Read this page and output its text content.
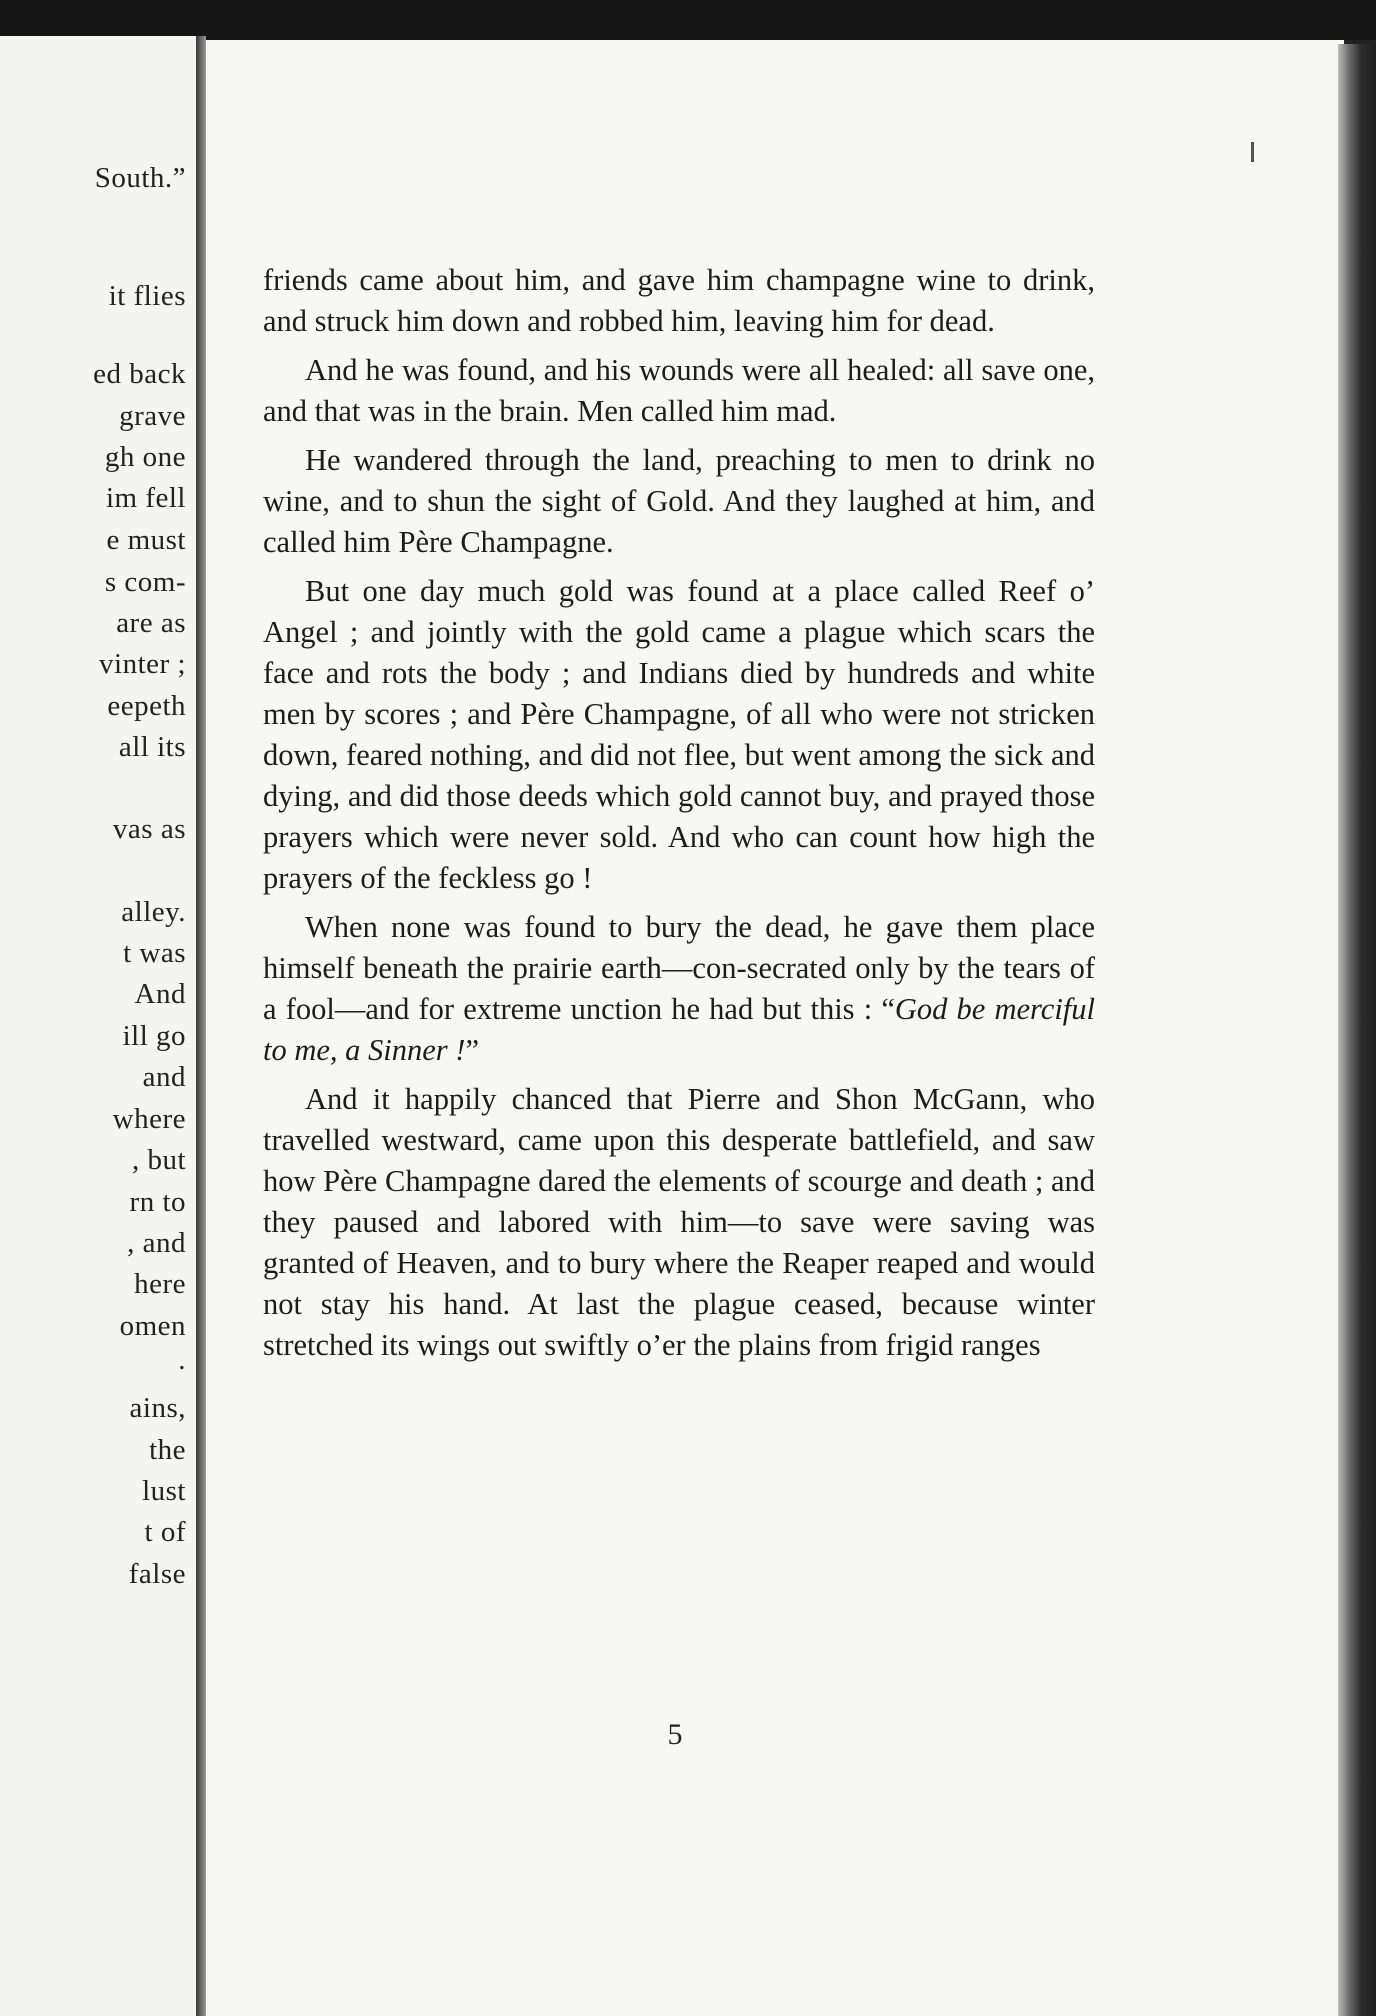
South.”
it flies
ed back
grave
gh one
im fell
e must
s com-
are as
vinter ;
eepeth
all its
vas as
alley.
t was
And
ill go
and
where
, but
rn to
, and
here
omen
.
ains,
the
lust
t of
false

friends came about him, and gave him champagne wine to drink, and struck him down and robbed him, leaving him for dead.

And he was found, and his wounds were all healed: all save one, and that was in the brain. Men called him mad.

He wandered through the land, preaching to men to drink no wine, and to shun the sight of Gold. And they laughed at him, and called him Père Champagne.

But one day much gold was found at a place called Reef o’ Angel ; and jointly with the gold came a plague which scars the face and rots the body ; and Indians died by hundreds and white men by scores ; and Père Champagne, of all who were not stricken down, feared nothing, and did not flee, but went among the sick and dying, and did those deeds which gold cannot buy, and prayed those prayers which were never sold. And who can count how high the prayers of the feckless go !

When none was found to bury the dead, he gave them place himself beneath the prairie earth—con-secrated only by the tears of a fool—and for extreme unction he had but this : “God be merciful to me, a Sinner !”

And it happily chanced that Pierre and Shon McGann, who travelled westward, came upon this desperate battlefield, and saw how Père Champagne dared the elements of scourge and death ; and they paused and labored with him—to save were saving was granted of Heaven, and to bury where the Reaper reaped and would not stay his hand. At last the plague ceased, because winter stretched its wings out swiftly o’er the plains from frigid ranges

5
